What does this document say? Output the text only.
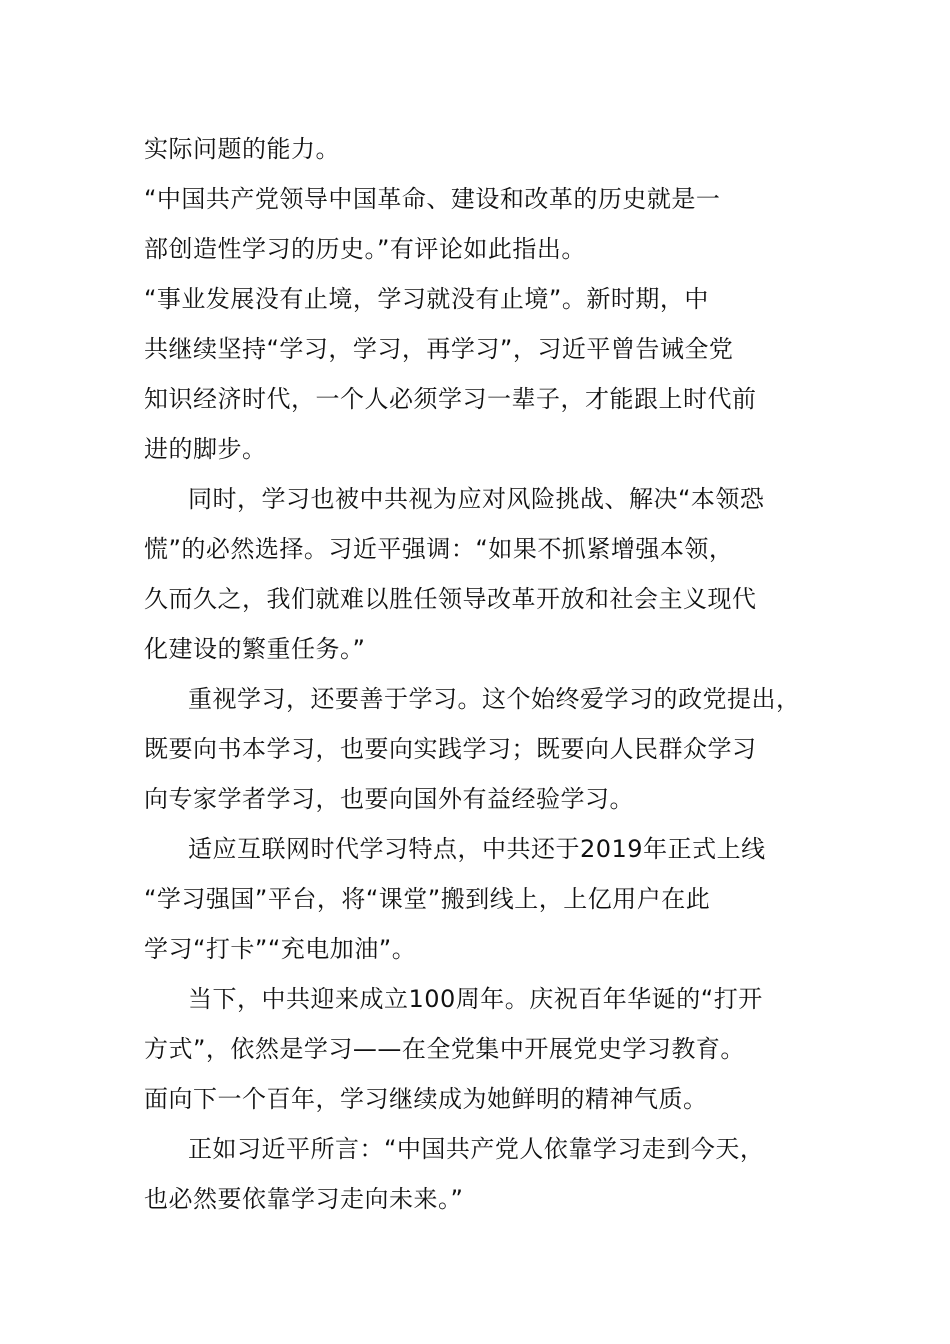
实际问题的能力。
“中国共产党领导中国革命、建设和改革的历史就是一
部创造性学习的历史。”有评论如此指出。
“事业发展没有止境，学习就没有止境”。新时期，中
共继续坚持“学习，学习，再学习”，习近平曾告诫全党
知识经济时代，一个人必须学习一辈子，才能跟上时代前
进的脚步。
同时，学习也被中共视为应对风险挑战、解决“本领恐
慌”的必然选择。习近平强调：“如果不抓紧增强本领，
久而久之，我们就难以胜任领导改革开放和社会主义现代
化建设的繁重任务。”
重视学习，还要善于学习。这个始终爱学习的政党提出，
既要向书本学习，也要向实践学习；既要向人民群众学习
向专家学者学习，也要向国外有益经验学习。
适应互联网时代学习特点，中共还于2019年正式上线
“学习强国”平台，将“课堂”搬到线上，上亿用户在此
学习“打卡”“充电加油”。
当下，中共迎来成立100周年。庆祝百年华诞的“打开
方式”，依然是学习——在全党集中开展党史学习教育。
面向下一个百年，学习继续成为她鲜明的精神气质。
正如习近平所言：“中国共产党人依靠学习走到今天，
也必然要依靠学习走向未来。”
